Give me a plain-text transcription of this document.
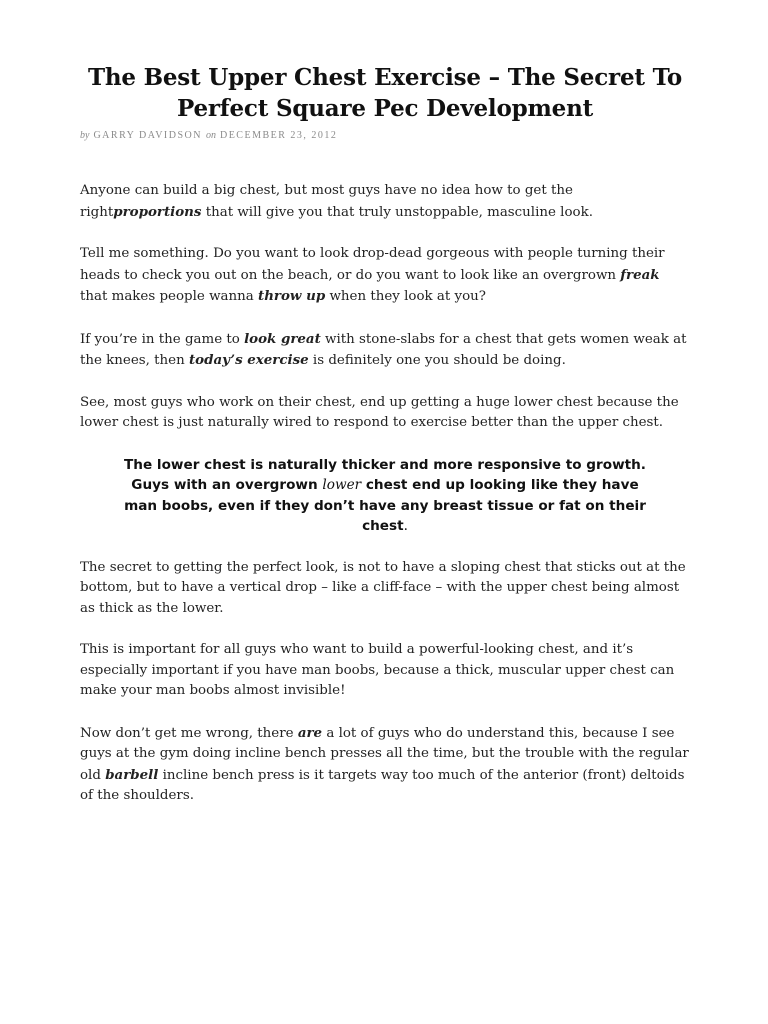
The Best Upper Chest Exercise – The Secret To Perfect Square Pec Development
by GARRY DAVIDSON on DECEMBER 23, 2012

Anyone can build a big chest, but most guys have no idea how to get the rightproportions that will give you that truly unstoppable, masculine look.

Tell me something. Do you want to look drop-dead gorgeous with people turning their heads to check you out on the beach, or do you want to look like an overgrown freak that makes people wanna throw up when they look at you?

If you’re in the game to look great with stone-slabs for a chest that gets women weak at the knees, then today’s exercise is definitely one you should be doing.

See, most guys who work on their chest, end up getting a huge lower chest because the lower chest is just naturally wired to respond to exercise better than the upper chest.

The lower chest is naturally thicker and more responsive to growth. Guys with an overgrown lower chest end up looking like they have man boobs, even if they don’t have any breast tissue or fat on their chest.

The secret to getting the perfect look, is not to have a sloping chest that sticks out at the bottom, but to have a vertical drop – like a cliff-face – with the upper chest being almost as thick as the lower.

This is important for all guys who want to build a powerful-looking chest, and it’s especially important if you have man boobs, because a thick, muscular upper chest can make your man boobs almost invisible!

Now don’t get me wrong, there are a lot of guys who do understand this, because I see guys at the gym doing incline bench presses all the time, but the trouble with the regular old barbell incline bench press is it targets way too much of the anterior (front) deltoids of the shoulders.
